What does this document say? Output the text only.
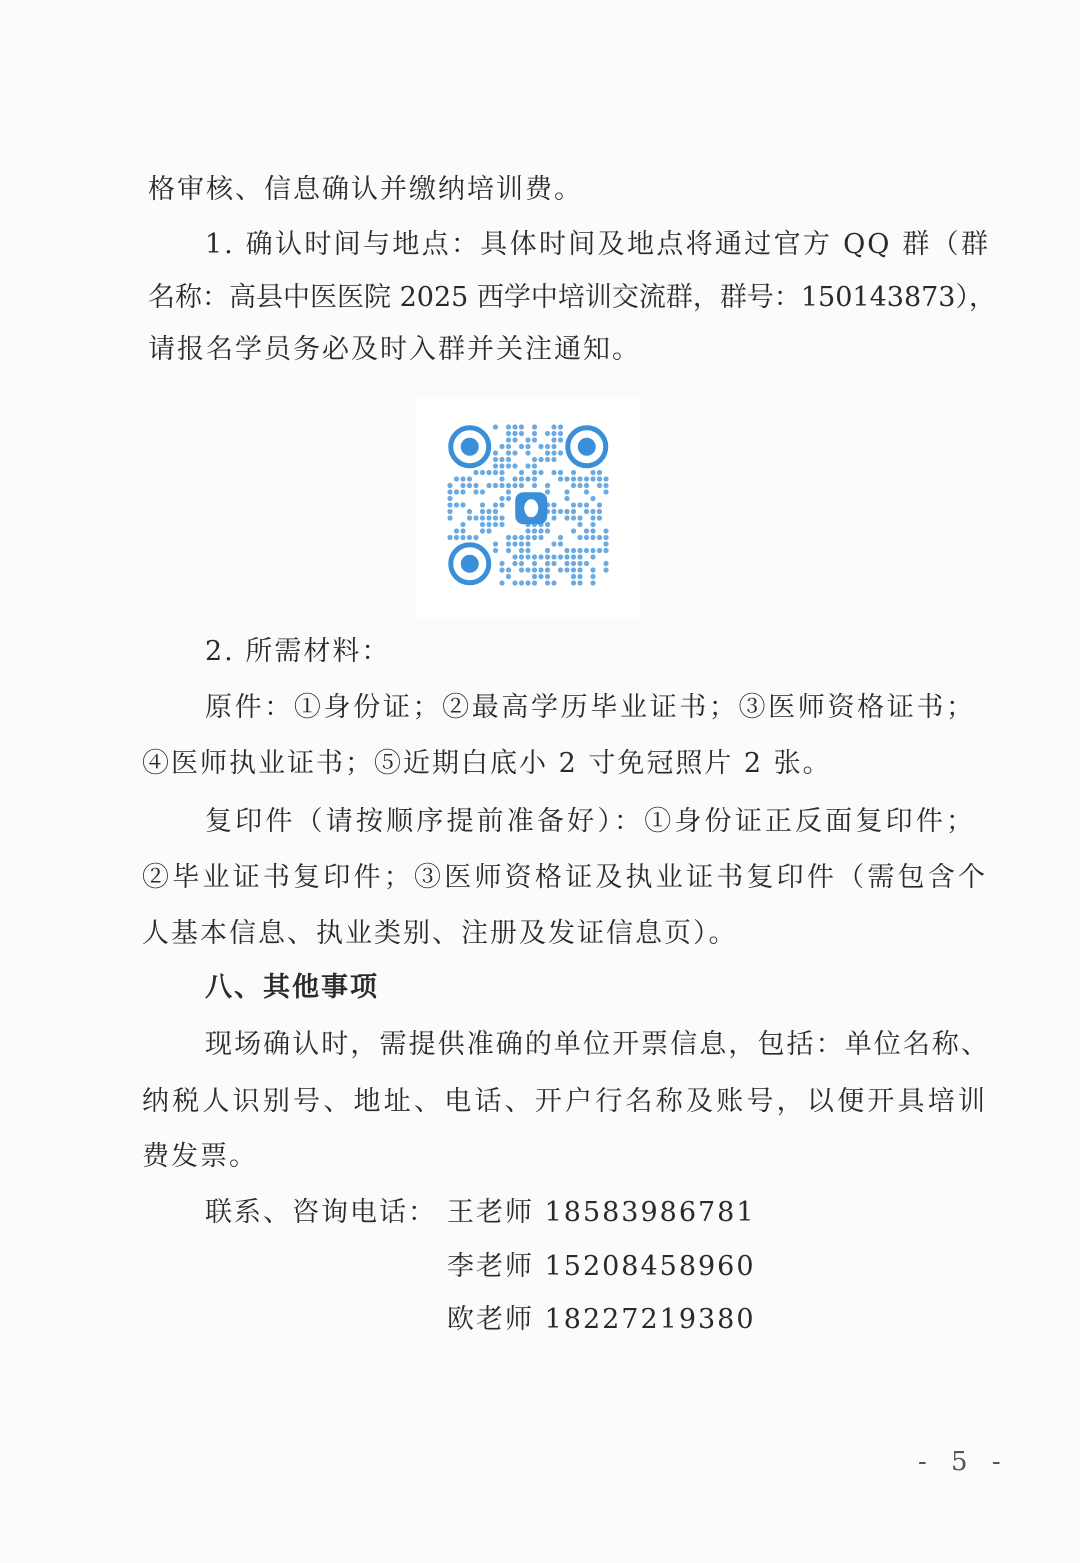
格审核、信息确认并缴纳培训费。
1. 确认时间与地点：具体时间及地点将通过官方 QQ 群（群
名称：高县中医医院 2025 西学中培训交流群，群号：150143873），
请报名学员务必及时入群并关注通知。
2. 所需材料：
原件：①身份证；②最高学历毕业证书；③医师资格证书；
④医师执业证书；⑤近期白底小 2 寸免冠照片 2 张。
复印件（请按顺序提前准备好）：①身份证正反面复印件；
②毕业证书复印件；③医师资格证及执业证书复印件（需包含个
人基本信息、执业类别、注册及发证信息页）。
八、其他事项
现场确认时，需提供准确的单位开票信息，包括：单位名称、
纳税人识别号、地址、电话、开户行名称及账号，以便开具培训
费发票。
联系、咨询电话： 王老师 18583986781
李老师 15208458960
欧老师 18227219380
- 5 -
